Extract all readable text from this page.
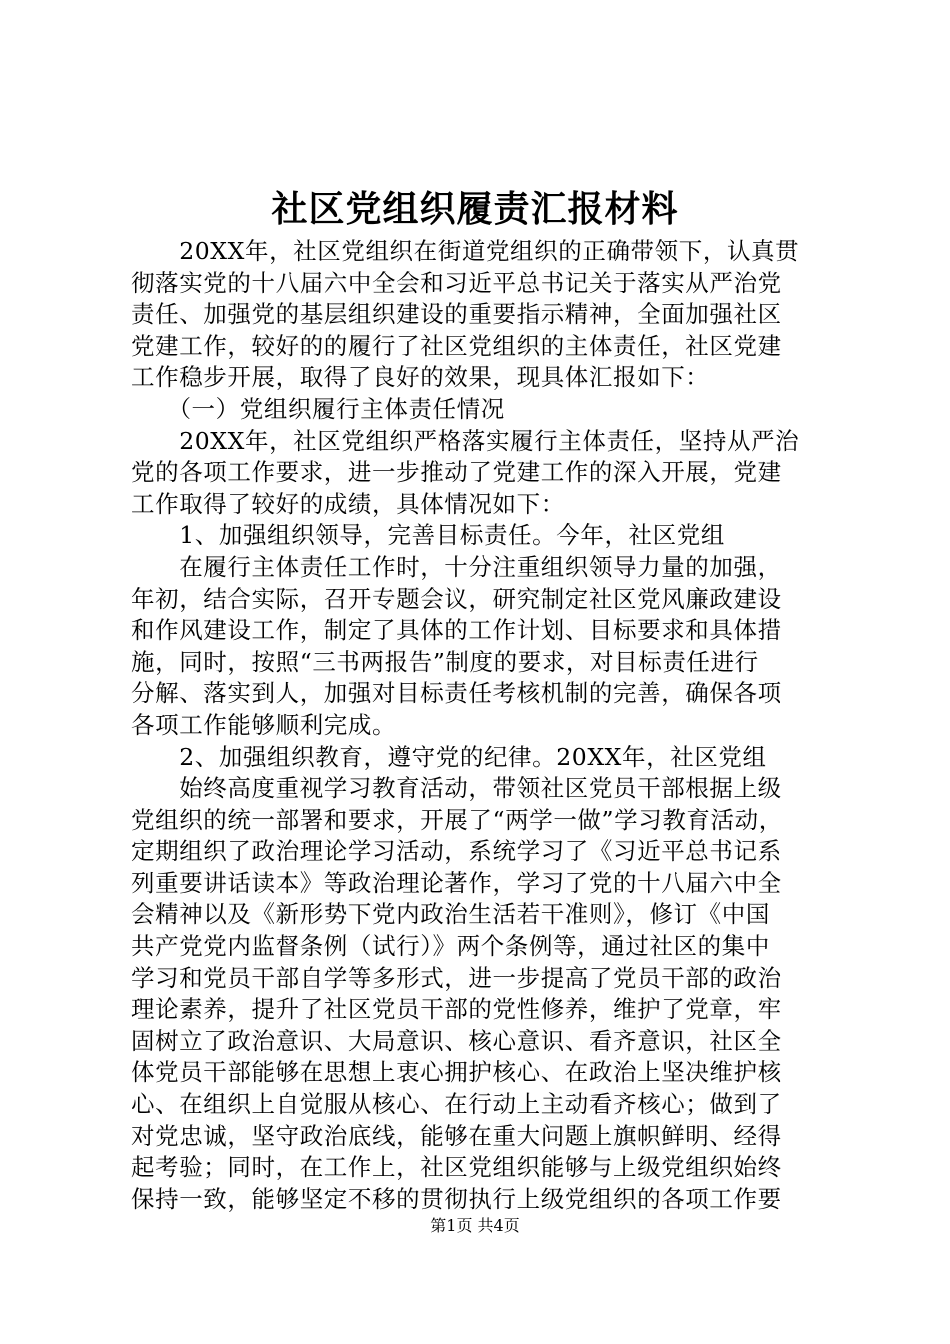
社区党组织履责汇报材料

　　20XX年，社区党组织在街道党组织的正确带领下，认真贯

彻落实党的十八届六中全会和习近平总书记关于落实从严治党

责任、加强党的基层组织建设的重要指示精神，全面加强社区

党建工作，较好的的履行了社区党组织的主体责任，社区党建

工作稳步开展，取得了良好的效果，现具体汇报如下：

　　（一）党组织履行主体责任情况

　　20XX年，社区党组织严格落实履行主体责任，坚持从严治

党的各项工作要求，进一步推动了党建工作的深入开展，党建

工作取得了较好的成绩，具体情况如下：

　　1、加强组织领导，完善目标责任。今年，社区党组

　　在履行主体责任工作时，十分注重组织领导力量的加强，

年初，结合实际，召开专题会议，研究制定社区党风廉政建设

和作风建设工作，制定了具体的工作计划、目标要求和具体措

施，同时，按照“三书两报告”制度的要求，对目标责任进行

分解、落实到人，加强对目标责任考核机制的完善，确保各项

各项工作能够顺利完成。

　　2、加强组织教育，遵守党的纪律。20XX年，社区党组

　　始终高度重视学习教育活动，带领社区党员干部根据上级

党组织的统一部署和要求，开展了“两学一做”学习教育活动，

定期组织了政治理论学习活动，系统学习了《习近平总书记系

列重要讲话读本》等政治理论著作，学习了党的十八届六中全

会精神以及《新形势下党内政治生活若干准则》，修订《中国

共产党党内监督条例（试行）》两个条例等，通过社区的集中

学习和党员干部自学等多形式，进一步提高了党员干部的政治

理论素养，提升了社区党员干部的党性修养，维护了党章，牢

固树立了政治意识、大局意识、核心意识、看齐意识，社区全

体党员干部能够在思想上衷心拥护核心、在政治上坚决维护核

心、在组织上自觉服从核心、在行动上主动看齐核心；做到了

对党忠诚，坚守政治底线，能够在重大问题上旗帜鲜明、经得

起考验；同时，在工作上，社区党组织能够与上级党组织始终

保持一致，能够坚定不移的贯彻执行上级党组织的各项工作要

第1页 共4页
